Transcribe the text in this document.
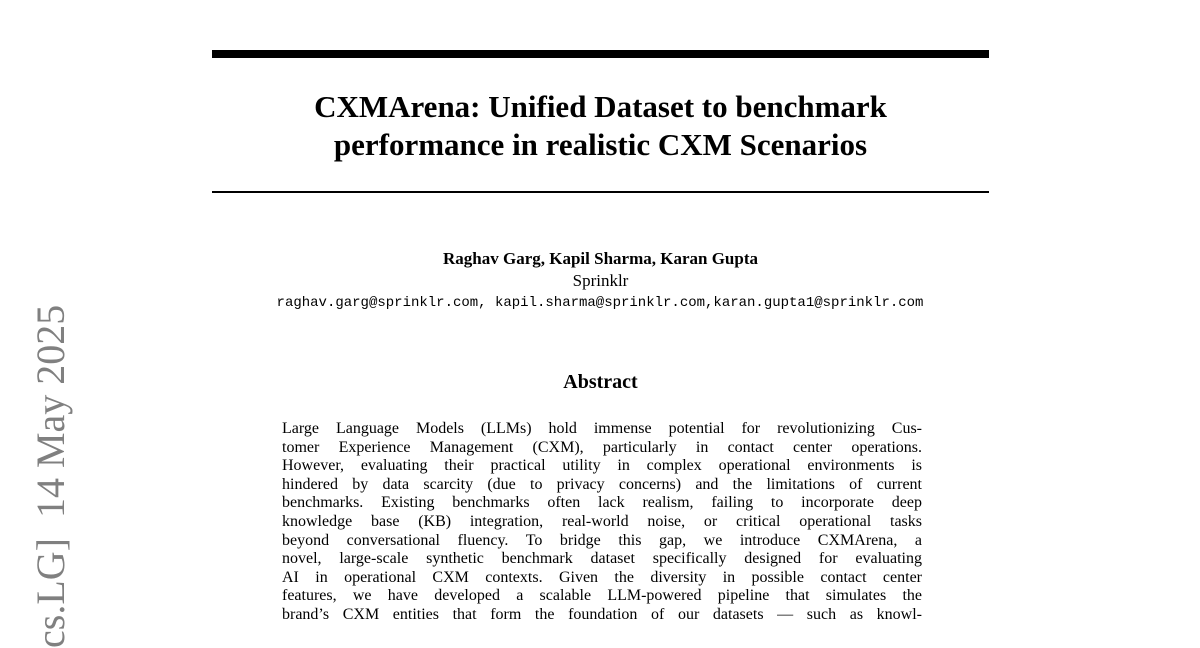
CXMArena: Unified Dataset to benchmark
performance in realistic CXM Scenarios
Raghav Garg, Kapil Sharma, Karan Gupta
Sprinklr
raghav.garg@sprinklr.com, kapil.sharma@sprinklr.com,karan.gupta1@sprinklr.com
Abstract
Large Language Models (LLMs) hold immense potential for revolutionizing Cus-
tomer Experience Management (CXM), particularly in contact center operations.
However, evaluating their practical utility in complex operational environments is
hindered by data scarcity (due to privacy concerns) and the limitations of current
benchmarks. Existing benchmarks often lack realism, failing to incorporate deep
knowledge base (KB) integration, real-world noise, or critical operational tasks
beyond conversational fluency. To bridge this gap, we introduce CXMArena, a
novel, large-scale synthetic benchmark dataset specifically designed for evaluating
AI in operational CXM contexts. Given the diversity in possible contact center
features, we have developed a scalable LLM-powered pipeline that simulates the
brand’s CXM entities that form the foundation of our datasets — such as knowl-
cs.LG]  14 May 2025
